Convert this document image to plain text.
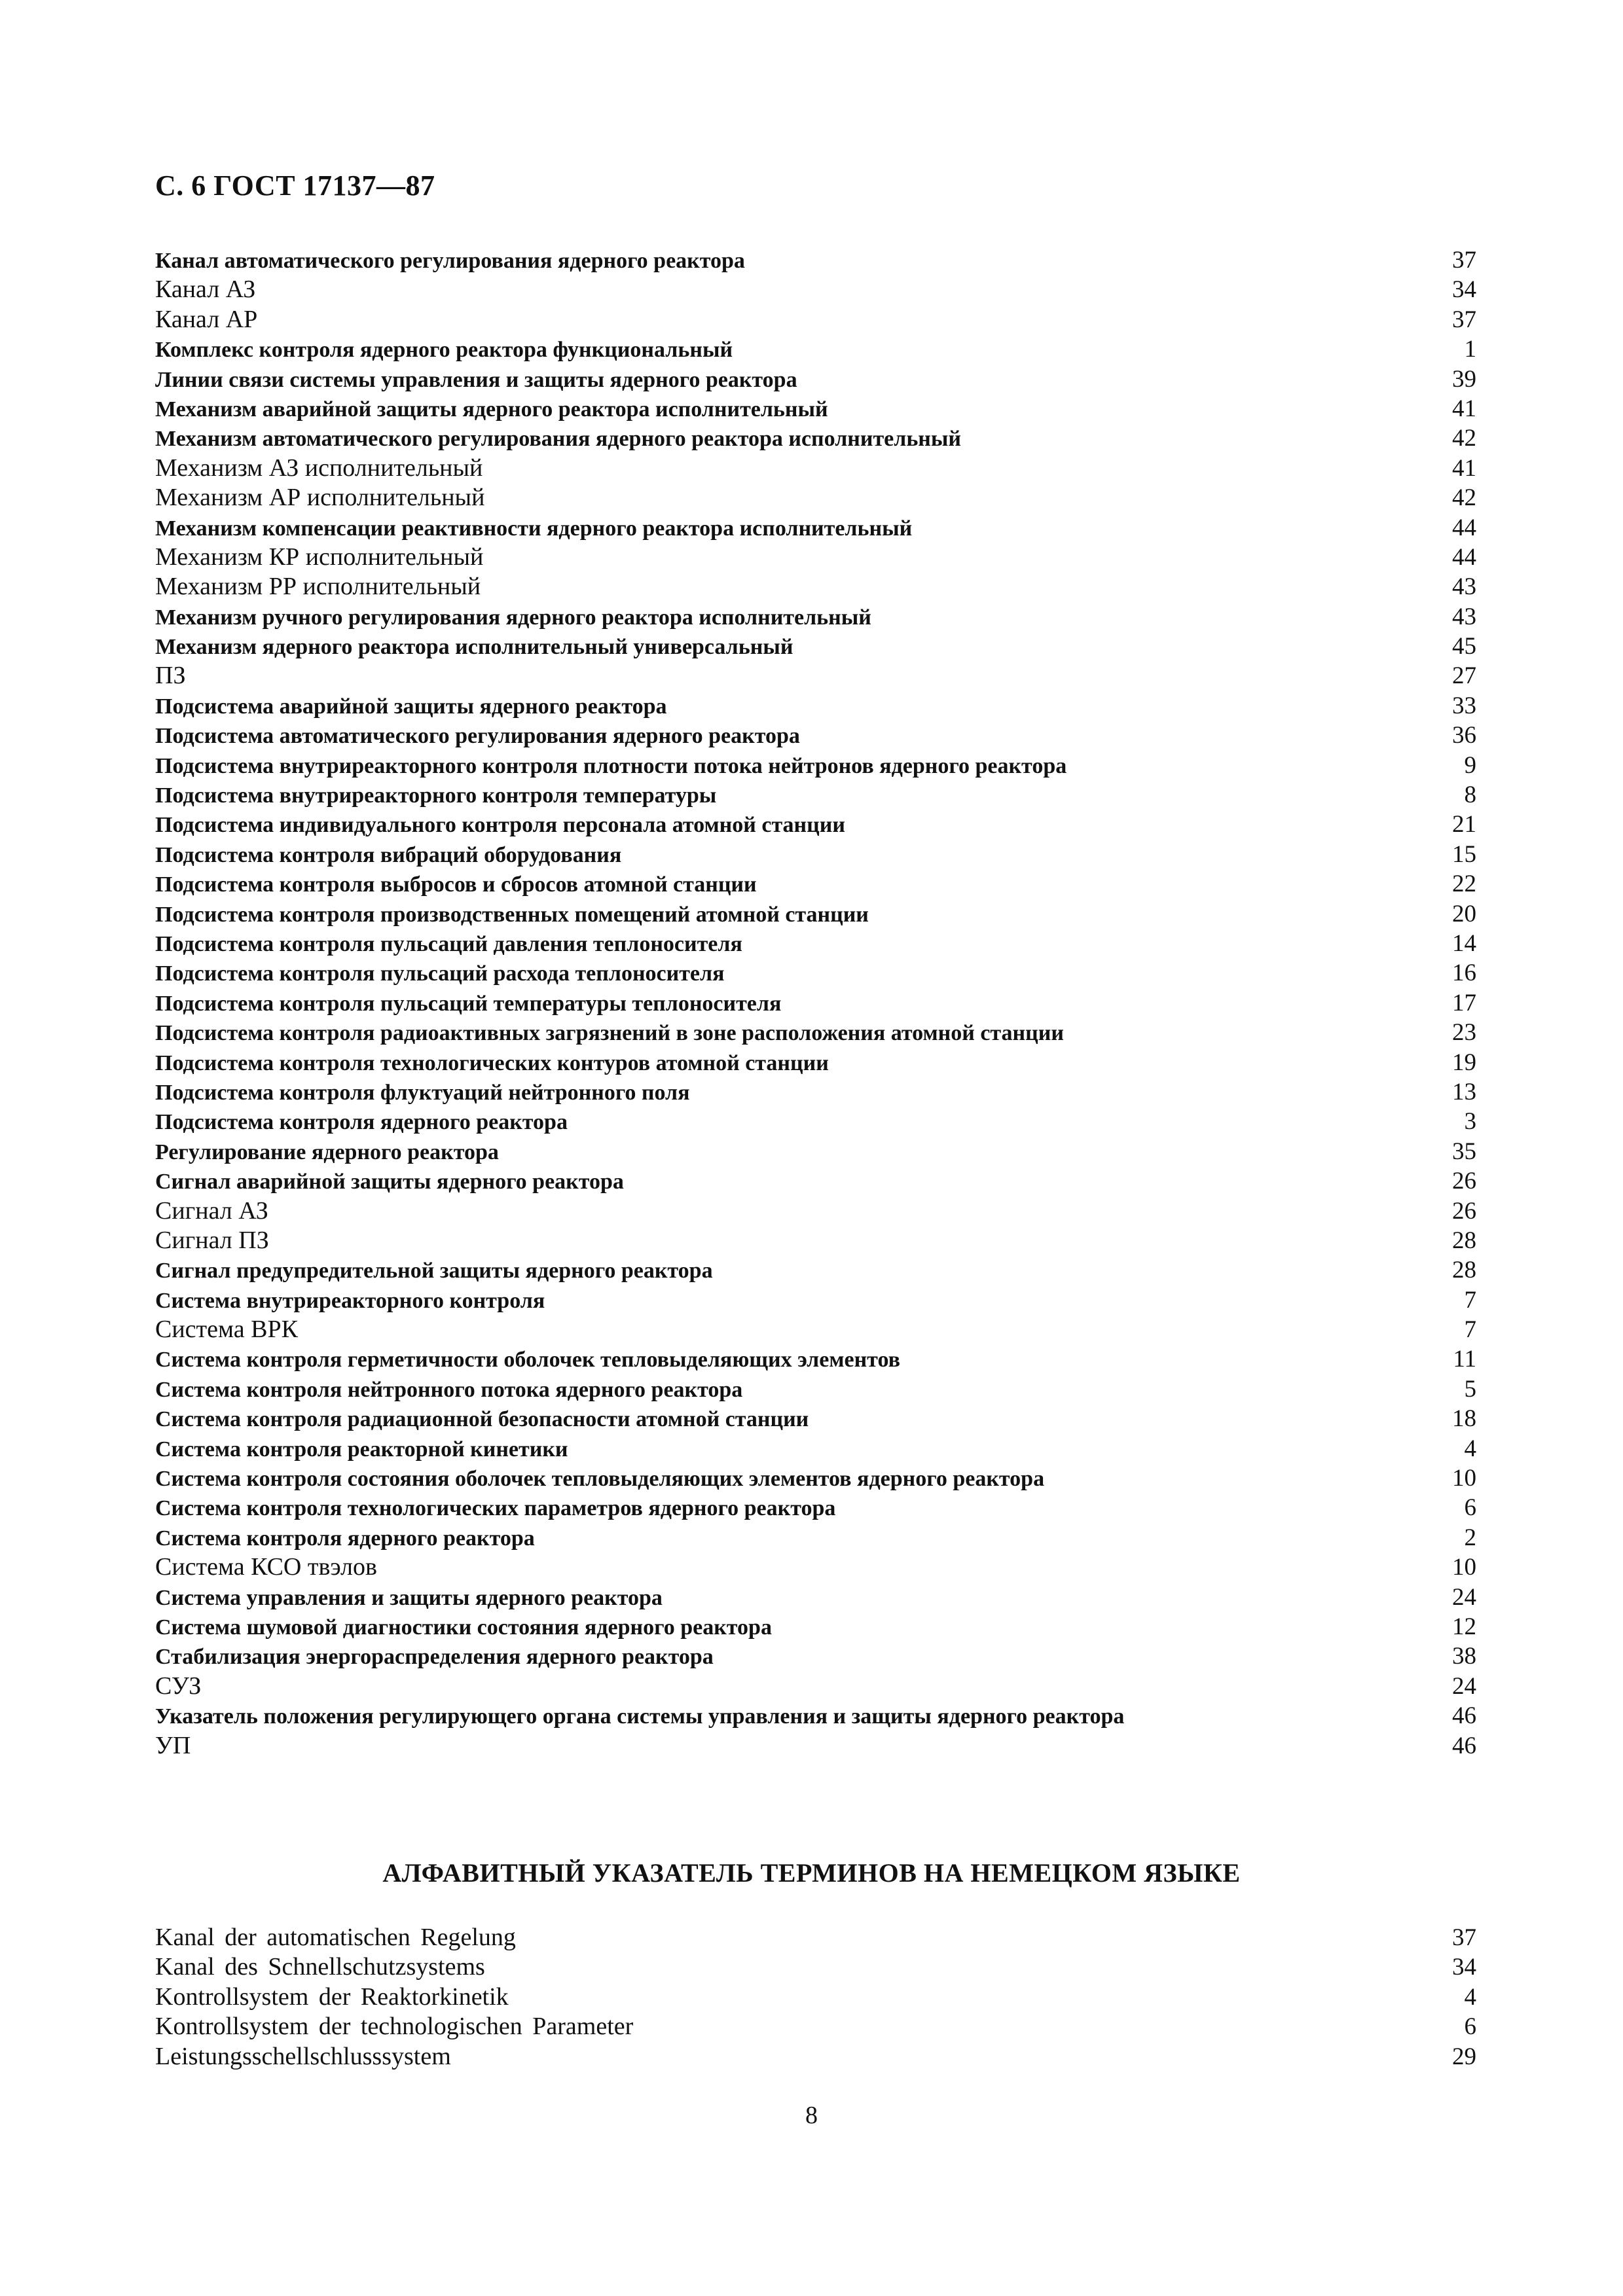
С. 6 ГОСТ 17137—87
Канал автоматического регулирования ядерного реактора	37
Канал АЗ	34
Канал АР	37
Комплекс контроля ядерного реактора функциональный	1
Линии связи системы управления и защиты ядерного реактора	39
Механизм аварийной защиты ядерного реактора исполнительный	41
Механизм автоматического регулирования ядерного реактора исполнительный	42
Механизм АЗ исполнительный	41
Механизм АР исполнительный	42
Механизм компенсации реактивности ядерного реактора исполнительный	44
Механизм КР исполнительный	44
Механизм РР исполнительный	43
Механизм ручного регулирования ядерного реактора исполнительный	43
Механизм ядерного реактора исполнительный универсальный	45
ПЗ	27
Подсистема аварийной защиты ядерного реактора	33
Подсистема автоматического регулирования ядерного реактора	36
Подсистема внутриреакторного контроля плотности потока нейтронов ядерного реактора	9
Подсистема внутриреакторного контроля температуры	8
Подсистема индивидуального контроля персонала атомной станции	21
Подсистема контроля вибраций оборудования	15
Подсистема контроля выбросов и сбросов атомной станции	22
Подсистема контроля производственных помещений атомной станции	20
Подсистема контроля пульсаций давления теплоносителя	14
Подсистема контроля пульсаций расхода теплоносителя	16
Подсистема контроля пульсаций температуры теплоносителя	17
Подсистема контроля радиоактивных загрязнений в зоне расположения атомной станции	23
Подсистема контроля технологических контуров атомной станции	19
Подсистема контроля флуктуаций нейтронного поля	13
Подсистема контроля ядерного реактора	3
Регулирование ядерного реактора	35
Сигнал аварийной защиты ядерного реактора	26
Сигнал АЗ	26
Сигнал ПЗ	28
Сигнал предупредительной защиты ядерного реактора	28
Система внутриреакторного контроля	7
Система ВРК	7
Система контроля герметичности оболочек тепловыделяющих элементов	11
Система контроля нейтронного потока ядерного реактора	5
Система контроля радиационной безопасности атомной станции	18
Система контроля реакторной кинетики	4
Система контроля состояния оболочек тепловыделяющих элементов ядерного реактора	10
Система контроля технологических параметров ядерного реактора	6
Система контроля ядерного реактора	2
Система КСО твэлов	10
Система управления и защиты ядерного реактора	24
Система шумовой диагностики состояния ядерного реактора	12
Стабилизация энергораспределения ядерного реактора	38
СУЗ	24
Указатель положения регулирующего органа системы управления и защиты ядерного реактора	46
УП	46
АЛФАВИТНЫЙ УКАЗАТЕЛЬ ТЕРМИНОВ НА НЕМЕЦКОМ ЯЗЫКЕ
Kanal der automatischen Regelung	37
Kanal des Schnellschutzsystems	34
Kontrollsystem der Reaktorkinetik	4
Kontrollsystem der technologischen Parameter	6
Leistungsschellschlusssystem	29
8
